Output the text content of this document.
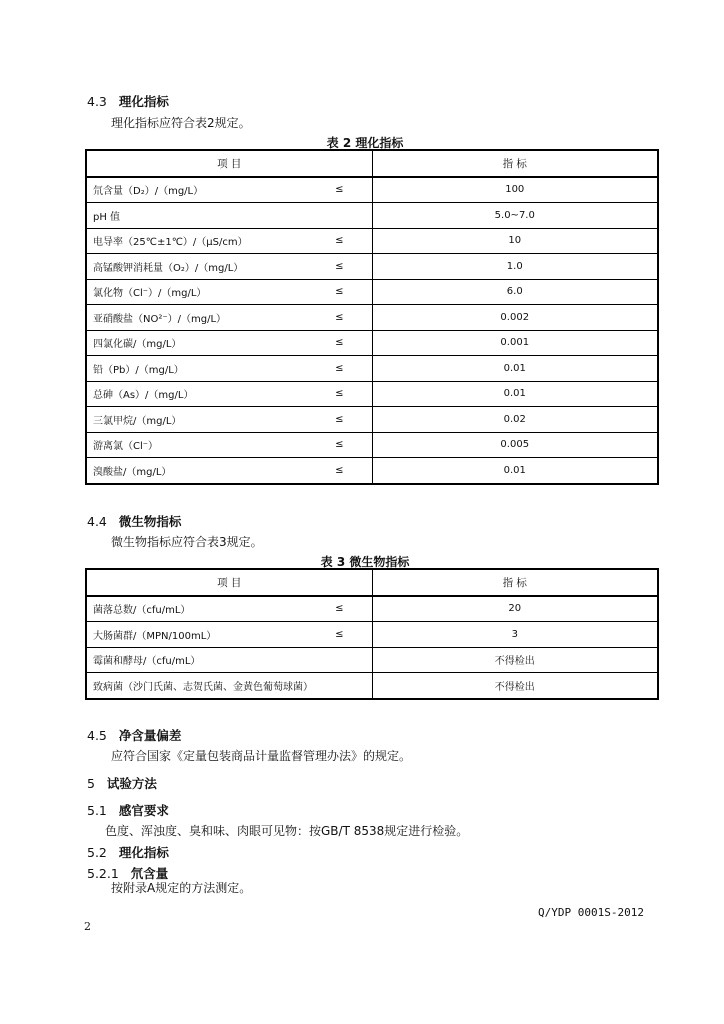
4.3 理化指标
理化指标应符合表2规定。
表 2 理化指标
项 目	指 标

氘含量（D₂）/（mg/L） ≤	100

pH 值	5.0~7.0

电导率（25℃±1℃）/（μS/cm） ≤	10

高锰酸钾消耗量（O₂）/（mg/L） ≤	1.0

氯化物（Cl⁻）/（mg/L） ≤	6.0

亚硝酸盐（NO²⁻）/（mg/L） ≤	0.002

四氯化碳/（mg/L） ≤	0.001

铅（Pb）/（mg/L） ≤	0.01

总砷（As）/（mg/L） ≤	0.01

三氯甲烷/（mg/L） ≤	0.02

游离氯（Cl⁻） ≤	0.005

溴酸盐/（mg/L） ≤	0.01
4.4 微生物指标
微生物指标应符合表3规定。
表 3 微生物指标
项 目	指 标

菌落总数/（cfu/mL） ≤	20

大肠菌群/（MPN/100mL） ≤	3

霉菌和酵母/（cfu/mL）	不得检出

致病菌（沙门氏菌、志贺氏菌、金黄色葡萄球菌）	不得检出
4.5 净含量偏差
应符合国家《定量包装商品计量监督管理办法》的规定。
5 试验方法
5.1 感官要求
色度、浑浊度、臭和味、肉眼可见物：按GB/T 8538规定进行检验。
5.2 理化指标
5.2.1 氘含量
按附录A规定的方法测定。
Q/YDP 0001S-2012
2
